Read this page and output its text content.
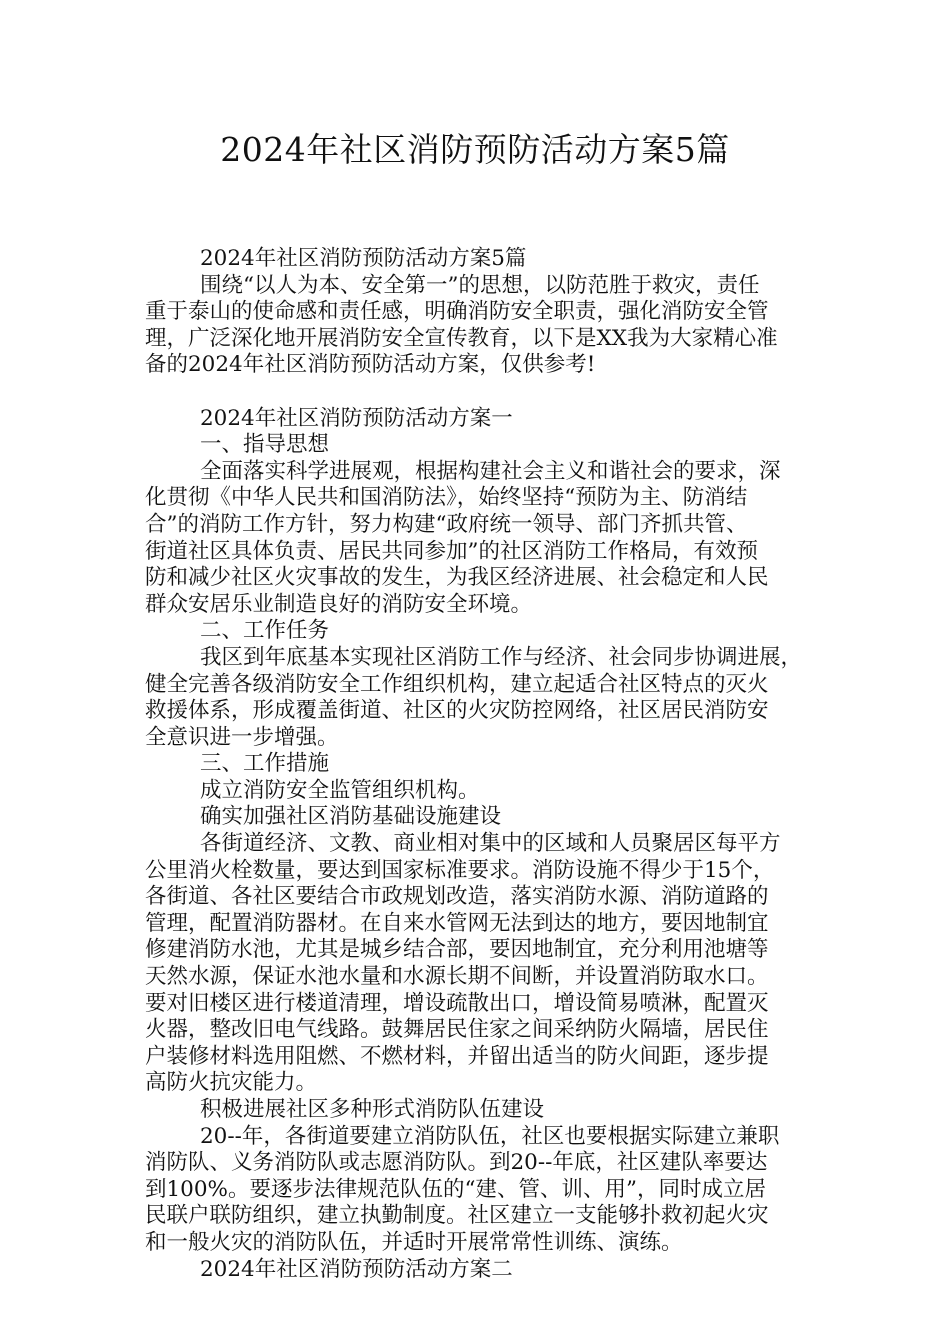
2024年社区消防预防活动方案5篇

2024年社区消防预防活动方案5篇

围绕“以人为本、安全第一”的思想，以防范胜于救灾，责任

重于泰山的使命感和责任感，明确消防安全职责，强化消防安全管

理，广泛深化地开展消防安全宣传教育，以下是XX我为大家精心准

备的2024年社区消防预防活动方案，仅供参考!

2024年社区消防预防活动方案一

一、指导思想

全面落实科学进展观，根据构建社会主义和谐社会的要求，深

化贯彻《中华人民共和国消防法》，始终坚持“预防为主、防消结

合”的消防工作方针，努力构建“政府统一领导、部门齐抓共管、

街道社区具体负责、居民共同参加”的社区消防工作格局，有效预

防和减少社区火灾事故的发生，为我区经济进展、社会稳定和人民

群众安居乐业制造良好的消防安全环境。

二、工作任务

我区到年底基本实现社区消防工作与经济、社会同步协调进展，

健全完善各级消防安全工作组织机构，建立起适合社区特点的灭火

救援体系，形成覆盖街道、社区的火灾防控网络，社区居民消防安

全意识进一步增强。

三、工作措施

成立消防安全监管组织机构。

确实加强社区消防基础设施建设

各街道经济、文教、商业相对集中的区域和人员聚居区每平方

公里消火栓数量，要达到国家标准要求。消防设施不得少于15个，

各街道、各社区要结合市政规划改造，落实消防水源、消防道路的

管理，配置消防器材。在自来水管网无法到达的地方，要因地制宜

修建消防水池，尤其是城乡结合部，要因地制宜，充分利用池塘等

天然水源，保证水池水量和水源长期不间断，并设置消防取水口。

要对旧楼区进行楼道清理，增设疏散出口，增设简易喷淋，配置灭

火器，整改旧电气线路。鼓舞居民住家之间采纳防火隔墙，居民住

户装修材料选用阻燃、不燃材料，并留出适当的防火间距，逐步提

高防火抗灾能力。

积极进展社区多种形式消防队伍建设

20--年，各街道要建立消防队伍，社区也要根据实际建立兼职

消防队、义务消防队或志愿消防队。到20--年底，社区建队率要达

到100%。要逐步法律规范队伍的“建、管、训、用”，同时成立居

民联户联防组织，建立执勤制度。社区建立一支能够扑救初起火灾

和一般火灾的消防队伍，并适时开展常常性训练、演练。

2024年社区消防预防活动方案二
